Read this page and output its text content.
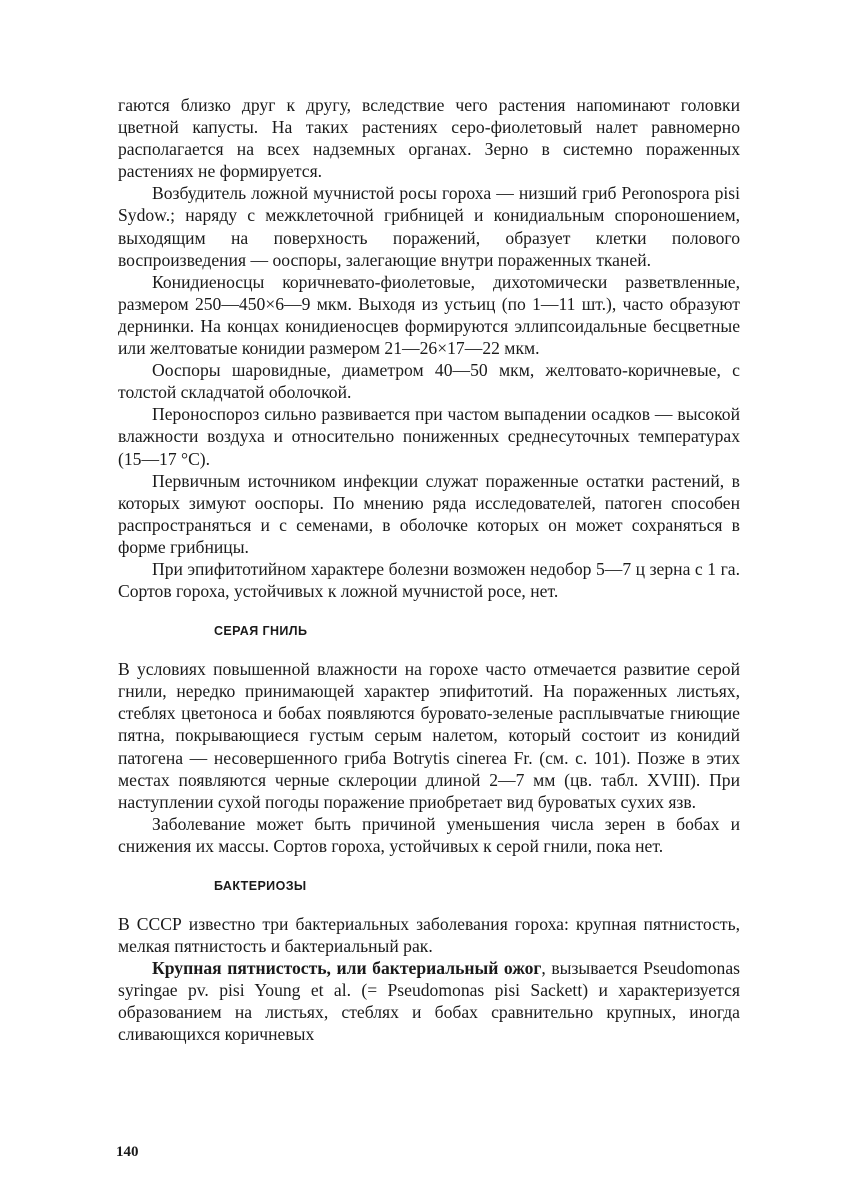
гаются близко друг к другу, вследствие чего растения напоминают головки цветной капусты. На таких растениях серо-фиолетовый налет равномерно располагается на всех надземных органах. Зерно в системно пораженных растениях не формируется.

Возбудитель ложной мучнистой росы гороха — низший гриб Peronospora pisi Sydow.; наряду с межклеточной грибницей и конидиальным спороношением, выходящим на поверхность поражений, образует клетки полового воспроизведения — ооспоры, залегающие внутри пораженных тканей.

Конидиеносцы коричневато-фиолетовые, дихотомически разветвленные, размером 250—450×6—9 мкм. Выходя из устьиц (по 1—11 шт.), часто образуют дернинки. На концах конидиеносцев формируются эллипсоидальные бесцветные или желтоватые конидии размером 21—26×17—22 мкм.

Ооспоры шаровидные, диаметром 40—50 мкм, желтовато-коричневые, с толстой складчатой оболочкой.

Пероноспороз сильно развивается при частом выпадении осадков — высокой влажности воздуха и относительно пониженных среднесуточных температурах (15—17 °С).

Первичным источником инфекции служат пораженные остатки растений, в которых зимуют ооспоры. По мнению ряда исследователей, патоген способен распространяться и с семенами, в оболочке которых он может сохраняться в форме грибницы.

При эпифитотийном характере болезни возможен недобор 5—7 ц зерна с 1 га. Сортов гороха, устойчивых к ложной мучнистой росе, нет.

СЕРАЯ ГНИЛЬ

В условиях повышенной влажности на горохе часто отмечается развитие серой гнили, нередко принимающей характер эпифитотий. На пораженных листьях, стеблях цветоноса и бобах появляются буровато-зеленые расплывчатые гниющие пятна, покрывающиеся густым серым налетом, который состоит из конидий патогена — несовершенного гриба Botrytis cinerea Fr. (см. с. 101). Позже в этих местах появляются черные склероции длиной 2—7 мм (цв. табл. XVIII). При наступлении сухой погоды поражение приобретает вид буроватых сухих язв.

Заболевание может быть причиной уменьшения числа зерен в бобах и снижения их массы. Сортов гороха, устойчивых к серой гнили, пока нет.

БАКТЕРИОЗЫ

В СССР известно три бактериальных заболевания гороха: крупная пятнистость, мелкая пятнистость и бактериальный рак.

Крупная пятнистость, или бактериальный ожог, вызывается Pseudomonas syringae pv. pisi Young et al. (= Pseudomonas pisi Sackett) и характеризуется образованием на листьях, стеблях и бобах сравнительно крупных, иногда сливающихся коричневых

140
